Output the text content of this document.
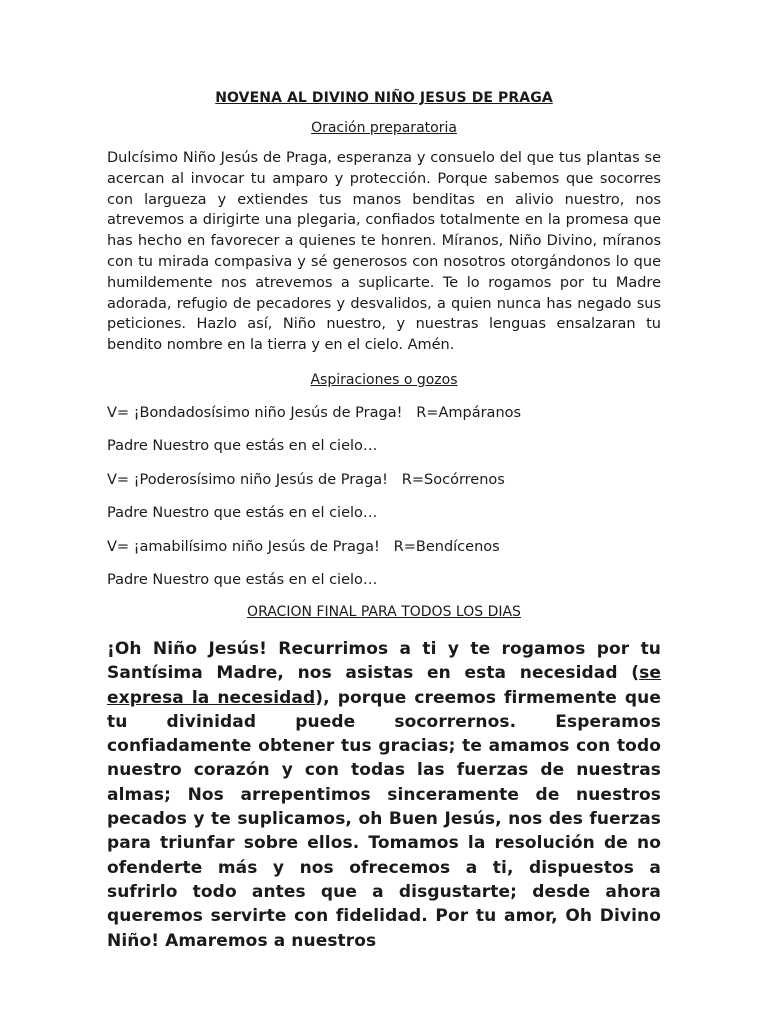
NOVENA AL DIVINO NIÑO JESUS DE PRAGA

Oración preparatoria

Dulcísimo Niño Jesús de Praga, esperanza y consuelo del que tus plantas se acercan al invocar tu amparo y protección. Porque sabemos que socorres con largueza y extiendes tus manos benditas en alivio nuestro, nos atrevemos a dirigirte una plegaria, confiados totalmente en la promesa que has hecho en favorecer a quienes te honren. Míranos, Niño Divino, míranos con tu mirada compasiva y sé generosos con nosotros otorgándonos lo que humildemente nos atrevemos a suplicarte. Te lo rogamos por tu Madre adorada, refugio de pecadores y desvalidos, a quien nunca has negado sus peticiones. Hazlo así, Niño nuestro, y nuestras lenguas ensalzaran tu bendito nombre en la tierra y en el cielo. Amén.

Aspiraciones o gozos

V= ¡Bondadosísimo niño Jesús de Praga! R=Ampáranos

Padre Nuestro que estás en el cielo…

V= ¡Poderosísimo niño Jesús de Praga! R=Socórrenos

Padre Nuestro que estás en el cielo…

V= ¡amabilísimo niño Jesús de Praga! R=Bendícenos

Padre Nuestro que estás en el cielo…

ORACION FINAL PARA TODOS LOS DIAS

¡Oh Niño Jesús! Recurrimos a ti y te rogamos por tu Santísima Madre, nos asistas en esta necesidad (se expresa la necesidad), porque creemos firmemente que tu divinidad puede socorrernos. Esperamos confiadamente obtener tus gracias; te amamos con todo nuestro corazón y con todas las fuerzas de nuestras almas; Nos arrepentimos sinceramente de nuestros pecados y te suplicamos, oh Buen Jesús, nos des fuerzas para triunfar sobre ellos. Tomamos la resolución de no ofenderte más y nos ofrecemos a ti, dispuestos a sufrirlo todo antes que a disgustarte; desde ahora queremos servirte con fidelidad. Por tu amor, Oh Divino Niño! Amaremos a nuestros
